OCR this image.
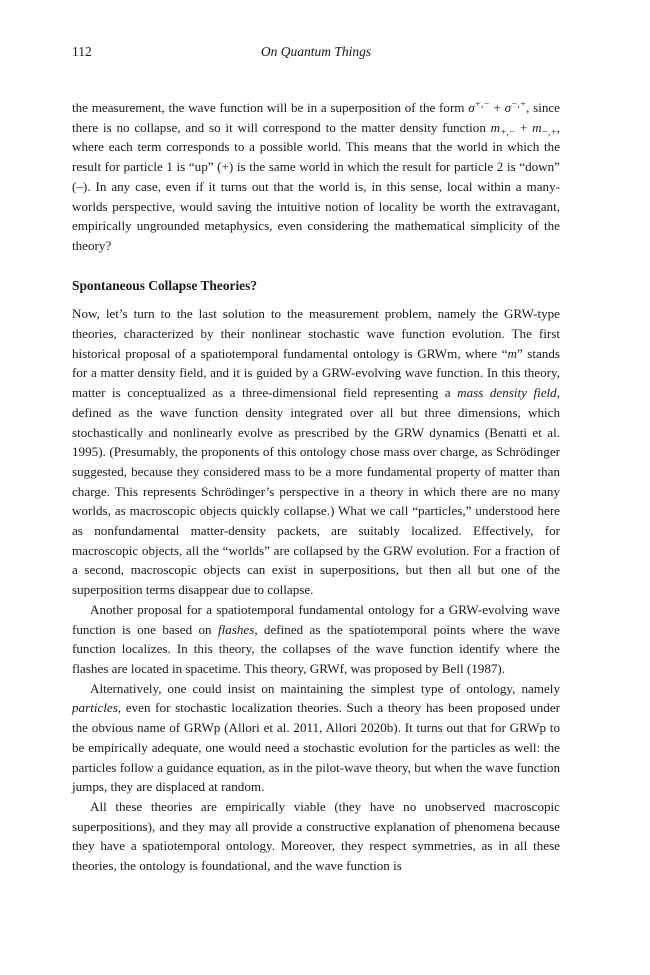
112	On Quantum Things

the measurement, the wave function will be in a superposition of the form σ+,− + σ−,+, since there is no collapse, and so it will correspond to the matter density function $m_{+,-} + m_{-,+}$, where each term corresponds to a possible world. This means that the world in which the result for particle 1 is “up” (+) is the same world in which the result for particle 2 is “down” (–). In any case, even if it turns out that the world is, in this sense, local within a many-worlds perspective, would saving the intuitive notion of locality be worth the extravagant, empirically ungrounded metaphysics, even considering the mathematical simplicity of the theory?

Spontaneous Collapse Theories?

Now, let’s turn to the last solution to the measurement problem, namely the GRW-type theories, characterized by their nonlinear stochastic wave function evolution. The first historical proposal of a spatiotemporal fundamental ontology is GRWm, where “m” stands for a matter density field, and it is guided by a GRW-evolving wave function. In this theory, matter is conceptualized as a three-dimensional field representing a mass density field, defined as the wave function density integrated over all but three dimensions, which stochastically and nonlinearly evolve as prescribed by the GRW dynamics (Benatti et al. 1995). (Presumably, the proponents of this ontology chose mass over charge, as Schrödinger suggested, because they considered mass to be a more fundamental property of matter than charge. This represents Schrödinger’s perspective in a theory in which there are no many worlds, as macroscopic objects quickly collapse.) What we call “particles,” understood here as nonfundamental matter-density packets, are suitably localized. Effectively, for macroscopic objects, all the “worlds” are collapsed by the GRW evolution. For a fraction of a second, macroscopic objects can exist in superpositions, but then all but one of the superposition terms disappear due to collapse.

Another proposal for a spatiotemporal fundamental ontology for a GRW-evolving wave function is one based on flashes, defined as the spatiotemporal points where the wave function localizes. In this theory, the collapses of the wave function identify where the flashes are located in spacetime. This theory, GRWf, was proposed by Bell (1987).

Alternatively, one could insist on maintaining the simplest type of ontology, namely particles, even for stochastic localization theories. Such a theory has been proposed under the obvious name of GRWp (Allori et al. 2011, Allori 2020b). It turns out that for GRWp to be empirically adequate, one would need a stochastic evolution for the particles as well: the particles follow a guidance equation, as in the pilot-wave theory, but when the wave function jumps, they are displaced at random.

All these theories are empirically viable (they have no unobserved macroscopic superpositions), and they may all provide a constructive explanation of phenomena because they have a spatiotemporal ontology. Moreover, they respect symmetries, as in all these theories, the ontology is foundational, and the wave function is
